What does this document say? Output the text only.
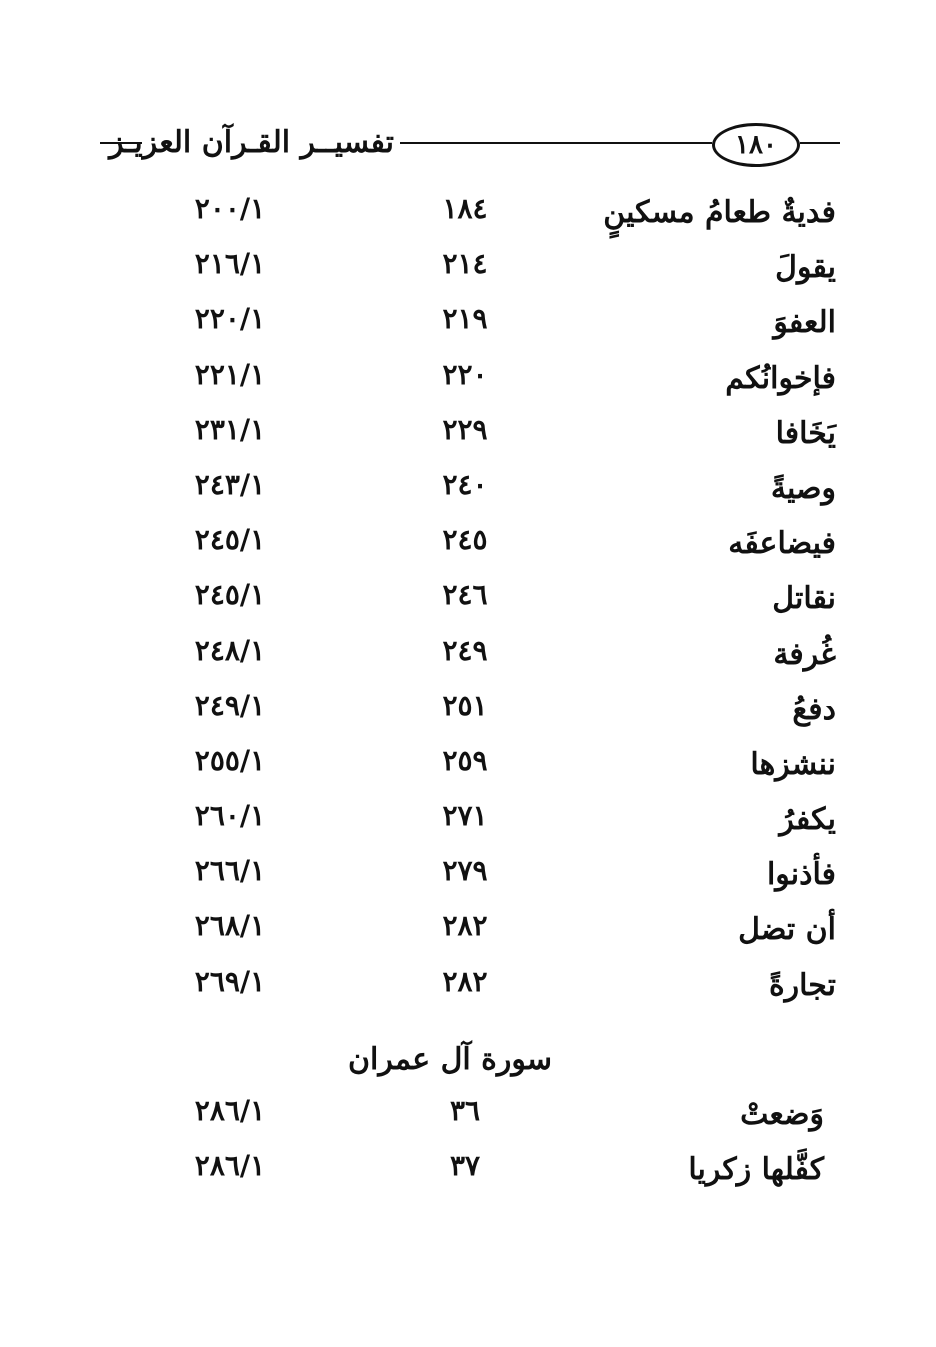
تفسيــر القـرآن العزيـز	١٨٠
فديةٌ طعامُ مسكينٍ
١٨٤
٢٠٠/١
يقولَ
٢١٤
٢١٦/١
العفوَ
٢١٩
٢٢٠/١
فإخوانُكم
٢٢٠
٢٢١/١
يَخَافا
٢٢٩
٢٣١/١
وصيةً
٢٤٠
٢٤٣/١
فيضاعفَه
٢٤٥
٢٤٥/١
نقاتل
٢٤٦
٢٤٥/١
غُرفة
٢٤٩
٢٤٨/١
دفعُ
٢٥١
٢٤٩/١
ننشزها
٢٥٩
٢٥٥/١
يكفرُ
٢٧١
٢٦٠/١
فأذنوا
٢٧٩
٢٦٦/١
أن تضل
٢٨٢
٢٦٨/١
تجارةً
٢٨٢
٢٦٩/١
سورة آل عمران
وَضعتْ
٣٦
٢٨٦/١
كفَّلها زكريا
٣٧
٢٨٦/١
